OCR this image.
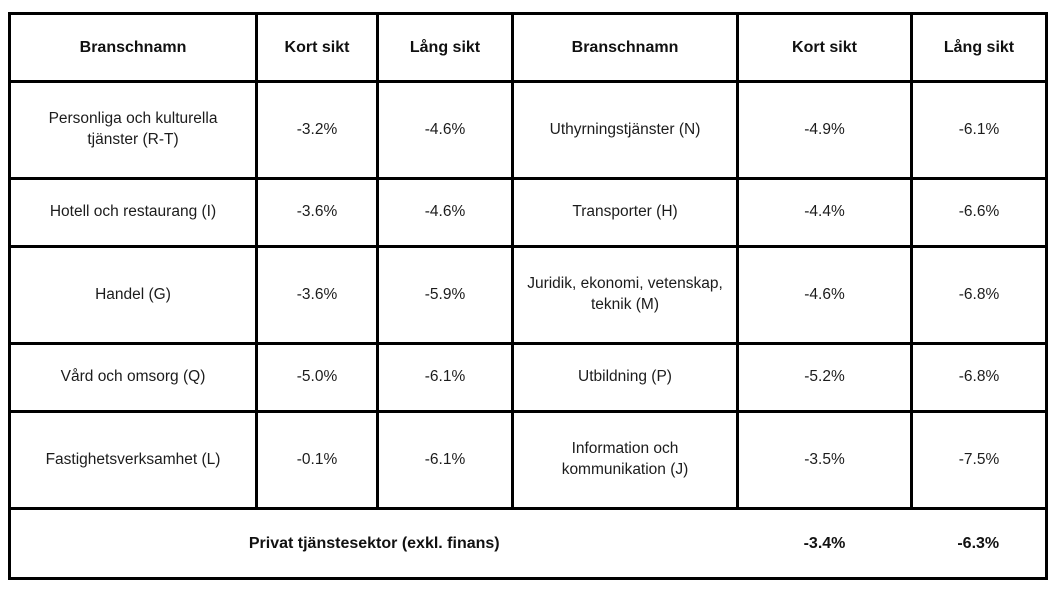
Branschnamn	Kort sikt	Lång sikt	Branschnamn	Kort sikt	Lång sikt
Personliga och kulturella tjänster (R-T)	-3.2%	-4.6%	Uthyrningstjänster (N)	-4.9%	-6.1%
Hotell och restaurang (I)	-3.6%	-4.6%	Transporter (H)	-4.4%	-6.6%
Handel (G)	-3.6%	-5.9%	Juridik, ekonomi, vetenskap, teknik (M)	-4.6%	-6.8%
Vård och omsorg (Q)	-5.0%	-6.1%	Utbildning (P)	-5.2%	-6.8%
Fastighetsverksamhet (L)	-0.1%	-6.1%	Information och kommunikation (J)	-3.5%	-7.5%
Privat tjänstesektor (exkl. finans)				-3.4%	-6.3%
